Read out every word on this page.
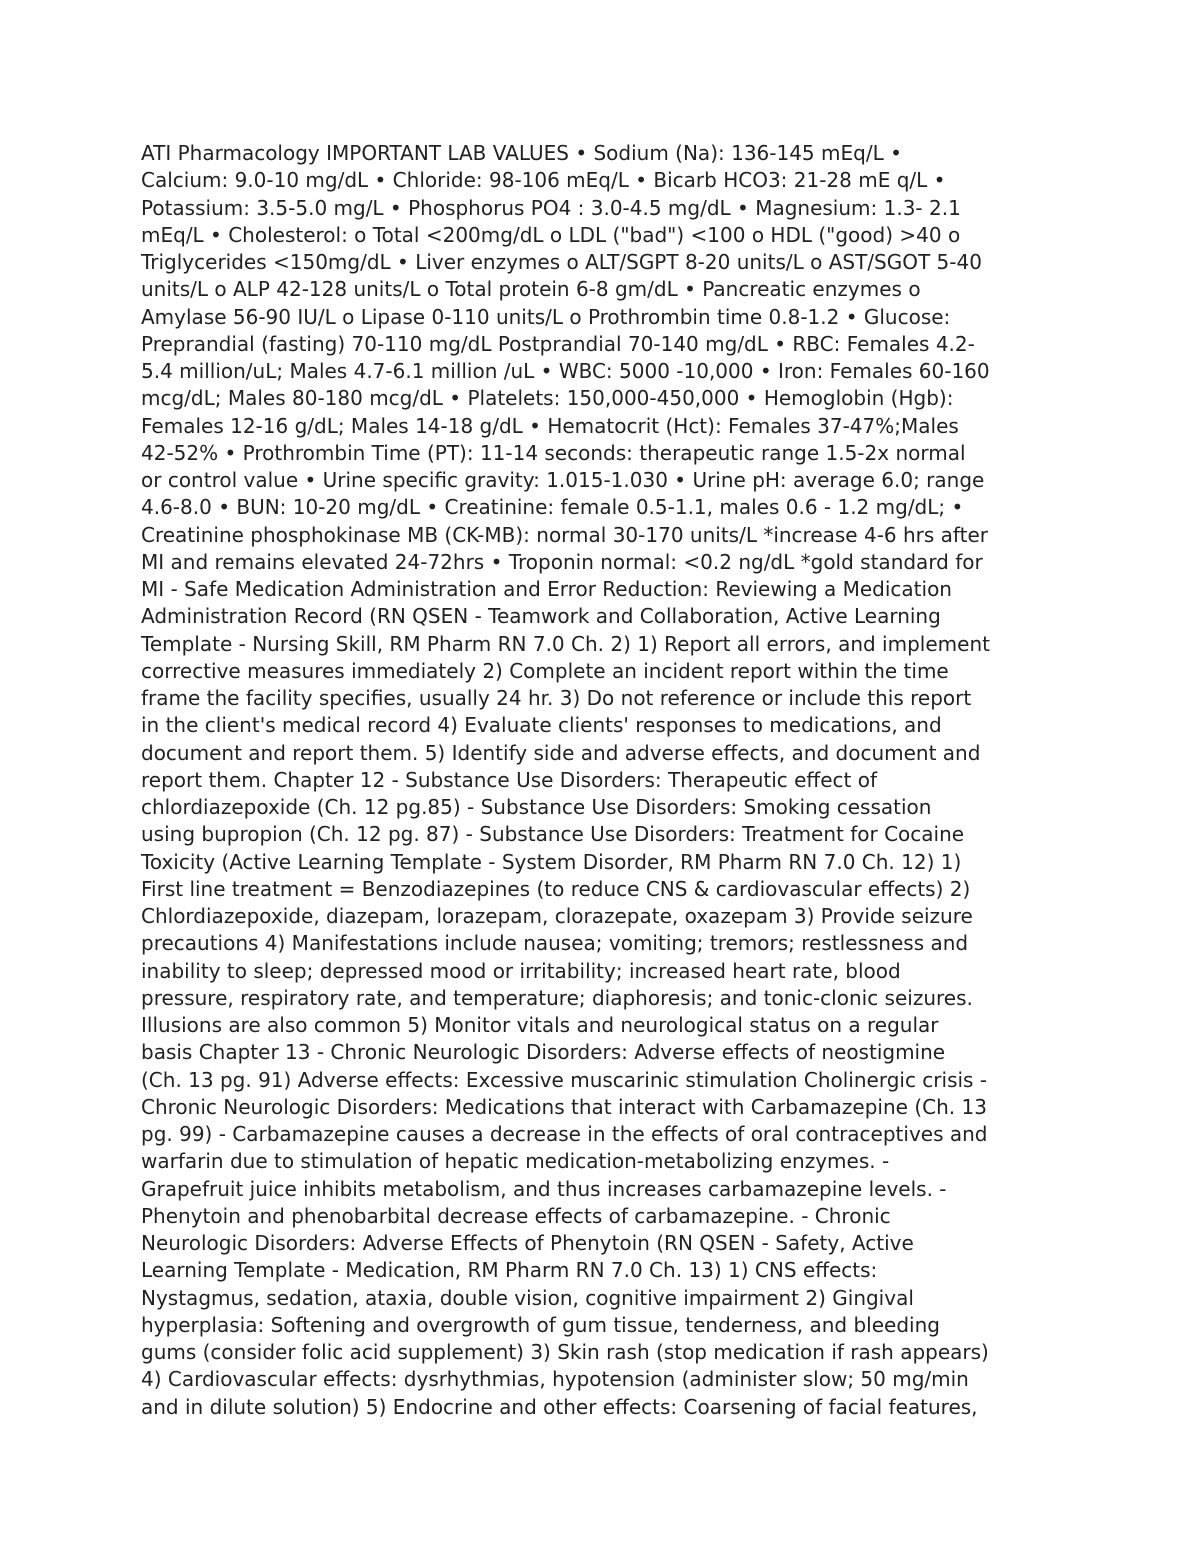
ATI Pharmacology IMPORTANT LAB VALUES • Sodium (Na): 136-145 mEq/L •
Calcium: 9.0-10 mg/dL • Chloride: 98-106 mEq/L • Bicarb HCO3: 21-28 mE q/L •
Potassium: 3.5-5.0 mg/L • Phosphorus PO4 : 3.0-4.5 mg/dL • Magnesium: 1.3- 2.1
mEq/L • Cholesterol: o Total <200mg/dL o LDL ("bad") <100 o HDL ("good) >40 o
Triglycerides <150mg/dL • Liver enzymes o ALT/SGPT 8-20 units/L o AST/SGOT 5-40
units/L o ALP 42-128 units/L o Total protein 6-8 gm/dL • Pancreatic enzymes o
Amylase 56-90 IU/L o Lipase 0-110 units/L o Prothrombin time 0.8-1.2 • Glucose:
Preprandial (fasting) 70-110 mg/dL Postprandial 70-140 mg/dL • RBC: Females 4.2-
5.4 million/uL; Males 4.7-6.1 million /uL • WBC: 5000 -10,000 • Iron: Females 60-160
mcg/dL; Males 80-180 mcg/dL • Platelets: 150,000-450,000 • Hemoglobin (Hgb):
Females 12-16 g/dL; Males 14-18 g/dL • Hematocrit (Hct): Females 37-47%;Males
42-52% • Prothrombin Time (PT): 11-14 seconds: therapeutic range 1.5-2x normal
or control value • Urine specific gravity: 1.015-1.030 • Urine pH: average 6.0; range
4.6-8.0 • BUN: 10-20 mg/dL • Creatinine: female 0.5-1.1, males 0.6 - 1.2 mg/dL; •
Creatinine phosphokinase MB (CK-MB): normal 30-170 units/L *increase 4-6 hrs after
MI and remains elevated 24-72hrs • Troponin normal: <0.2 ng/dL *gold standard for
MI - Safe Medication Administration and Error Reduction: Reviewing a Medication
Administration Record (RN QSEN - Teamwork and Collaboration, Active Learning
Template - Nursing Skill, RM Pharm RN 7.0 Ch. 2) 1) Report all errors, and implement
corrective measures immediately 2) Complete an incident report within the time
frame the facility specifies, usually 24 hr. 3) Do not reference or include this report
in the client's medical record 4) Evaluate clients' responses to medications, and
document and report them. 5) Identify side and adverse effects, and document and
report them. Chapter 12 - Substance Use Disorders: Therapeutic effect of
chlordiazepoxide (Ch. 12 pg.85) - Substance Use Disorders: Smoking cessation
using bupropion (Ch. 12 pg. 87) - Substance Use Disorders: Treatment for Cocaine
Toxicity (Active Learning Template - System Disorder, RM Pharm RN 7.0 Ch. 12) 1)
First line treatment = Benzodiazepines (to reduce CNS & cardiovascular effects) 2)
Chlordiazepoxide, diazepam, lorazepam, clorazepate, oxazepam 3) Provide seizure
precautions 4) Manifestations include nausea; vomiting; tremors; restlessness and
inability to sleep; depressed mood or irritability; increased heart rate, blood
pressure, respiratory rate, and temperature; diaphoresis; and tonic-clonic seizures.
Illusions are also common 5) Monitor vitals and neurological status on a regular
basis Chapter 13 - Chronic Neurologic Disorders: Adverse effects of neostigmine
(Ch. 13 pg. 91) Adverse effects: Excessive muscarinic stimulation Cholinergic crisis -
Chronic Neurologic Disorders: Medications that interact with Carbamazepine (Ch. 13
pg. 99) - Carbamazepine causes a decrease in the effects of oral contraceptives and
warfarin due to stimulation of hepatic medication-metabolizing enzymes. -
Grapefruit juice inhibits metabolism, and thus increases carbamazepine levels. -
Phenytoin and phenobarbital decrease effects of carbamazepine. - Chronic
Neurologic Disorders: Adverse Effects of Phenytoin (RN QSEN - Safety, Active
Learning Template - Medication, RM Pharm RN 7.0 Ch. 13) 1) CNS effects:
Nystagmus, sedation, ataxia, double vision, cognitive impairment 2) Gingival
hyperplasia: Softening and overgrowth of gum tissue, tenderness, and bleeding
gums (consider folic acid supplement) 3) Skin rash (stop medication if rash appears)
4) Cardiovascular effects: dysrhythmias, hypotension (administer slow; 50 mg/min
and in dilute solution) 5) Endocrine and other effects: Coarsening of facial features,
